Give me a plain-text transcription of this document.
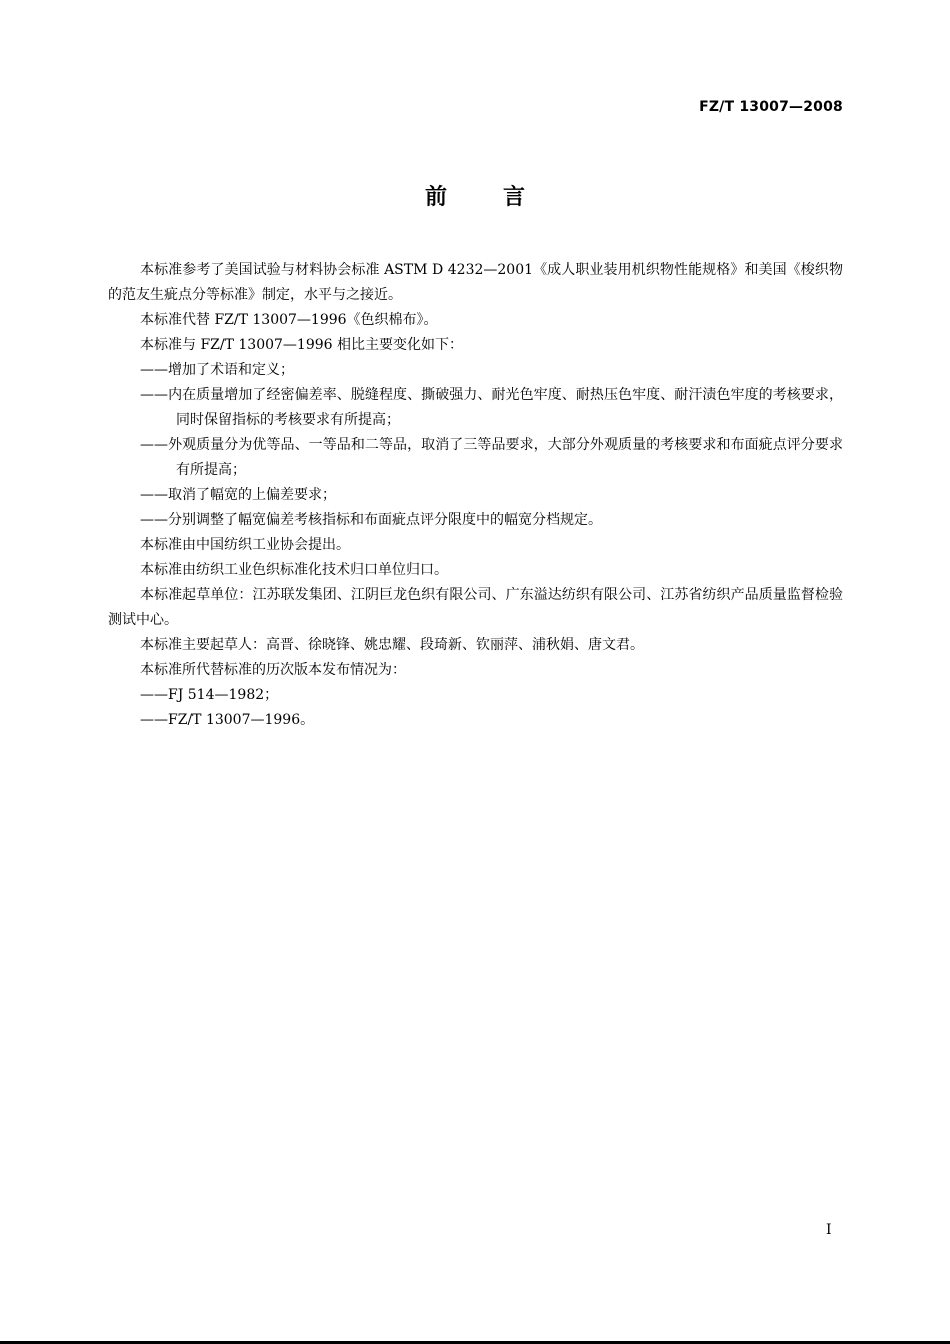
FZ/T 13007—2008
前言

本标准参考了美国试验与材料协会标准 ASTM D 4232—2001《成人职业装用机织物性能规格》和美国《梭织物的范友生疵点分等标准》制定，水平与之接近。

本标准代替 FZ/T 13007—1996《色织棉布》。

本标准与 FZ/T 13007—1996 相比主要变化如下：

——增加了术语和定义；

——内在质量增加了经密偏差率、脱缝程度、撕破强力、耐光色牢度、耐热压色牢度、耐汗渍色牢度的考核要求，同时保留指标的考核要求有所提高；

——外观质量分为优等品、一等品和二等品，取消了三等品要求，大部分外观质量的考核要求和布面疵点评分要求有所提高；

——取消了幅宽的上偏差要求；

——分别调整了幅宽偏差考核指标和布面疵点评分限度中的幅宽分档规定。

本标准由中国纺织工业协会提出。

本标准由纺织工业色织标准化技术归口单位归口。

本标准起草单位：江苏联发集团、江阴巨龙色织有限公司、广东溢达纺织有限公司、江苏省纺织产品质量监督检验测试中心。

本标准主要起草人：高晋、徐晓锋、姚忠耀、段琦新、钦丽萍、浦秋娟、唐文君。

本标准所代替标准的历次版本发布情况为：

——FJ 514—1982；

——FZ/T 13007—1996。

I
